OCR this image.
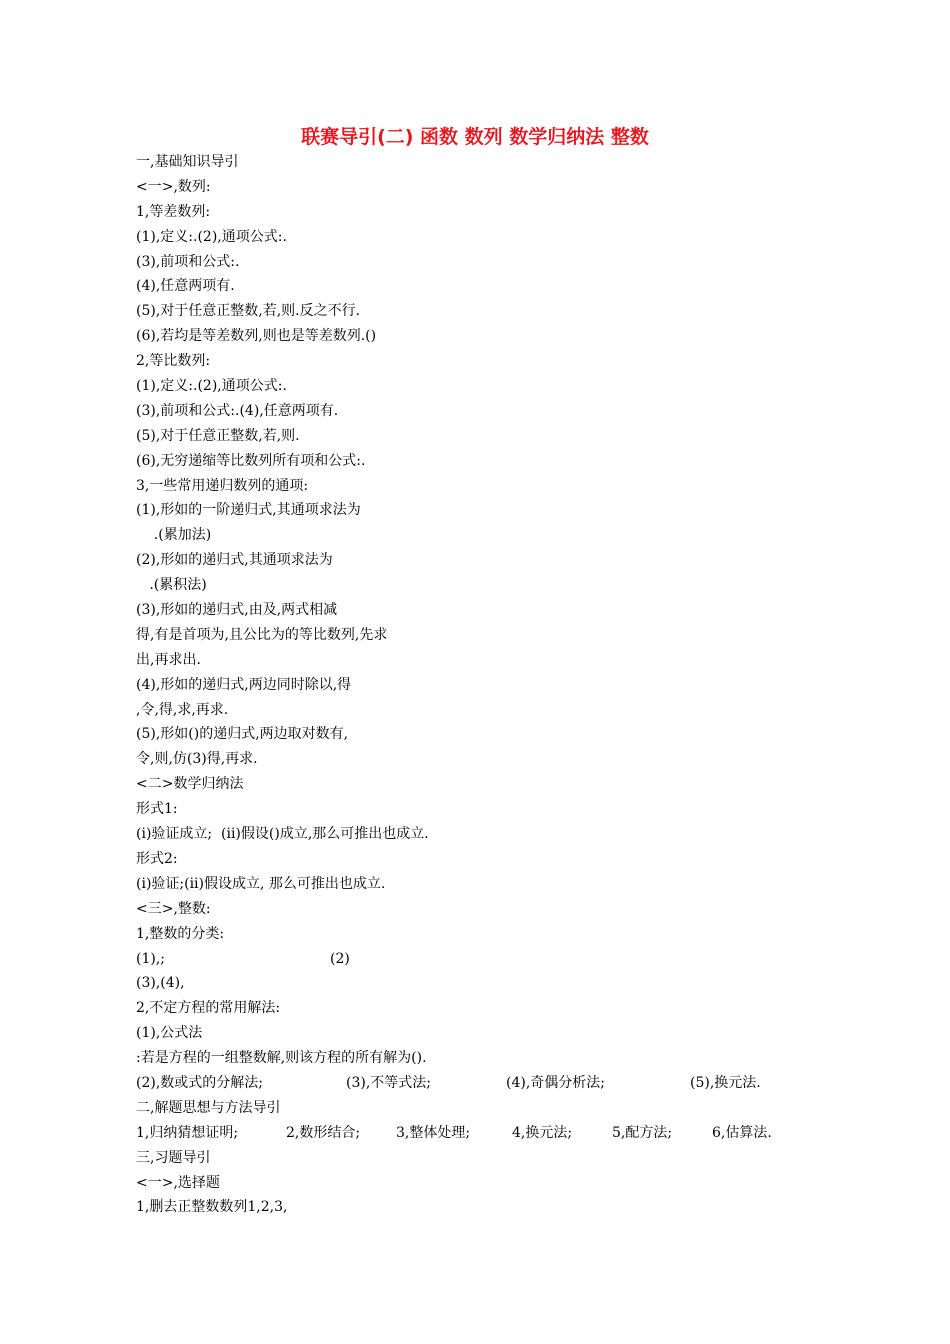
联赛导引(二) 函数 数列 数学归纳法 整数
一,基础知识导引
<一>,数列:
1,等差数列:
(1),定义:.(2),通项公式:.
(3),前项和公式:.
(4),任意两项有.
(5),对于任意正整数,若,则.反之不行.
(6),若均是等差数列,则也是等差数列.()
2,等比数列:
(1),定义:.(2),通项公式:.
(3),前项和公式:.(4),任意两项有.
(5),对于任意正整数,若,则.
(6),无穷递缩等比数列所有项和公式:.
3,一些常用递归数列的通项:
(1),形如的一阶递归式,其通项求法为
.(累加法)
(2),形如的递归式,其通项求法为
.(累积法)
(3),形如的递归式,由及,两式相减
得,有是首项为,且公比为的等比数列,先求
出,再求出.
(4),形如的递归式,两边同时除以,得
,令,得,求,再求.
(5),形如()的递归式,两边取对数有,
令,则,仿(3)得,再求.
<二>数学归纳法
形式1:
(i)验证成立;  (ii)假设()成立,那么可推出也成立.
形式2:
(i)验证;(ii)假设成立, 那么可推出也成立.
<三>,整数:
1,整数的分类:
(1),;	(2)
(3),(4),
2,不定方程的常用解法:
(1),公式法
:若是方程的一组整数解,则该方程的所有解为().
(2),数或式的分解法;	(3),不等式法;	(4),奇偶分析法;	(5),换元法.
二,解题思想与方法导引
1,归纳猜想证明;	2,数形结合;	3,整体处理;	4,换元法;	5,配方法;	6,估算法.
三,习题导引
<一>,选择题
1,删去正整数数列1,2,3,
